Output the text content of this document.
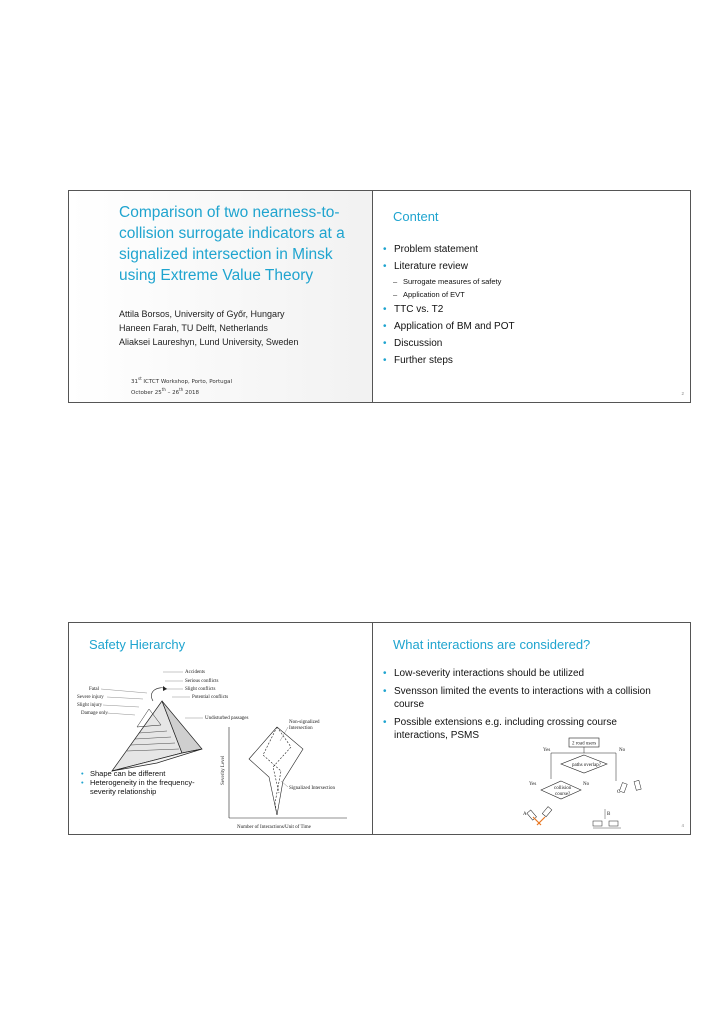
Comparison of two nearness-to-collision surrogate indicators at a signalized intersection in Minsk using Extreme Value Theory
Attila Borsos, University of Győr, Hungary
Haneen Farah, TU Delft, Netherlands
Aliaksei Laureshyn, Lund University, Sweden
31st ICTCT Workshop, Porto, Portugal
October 25th – 26th 2018
Content
• Problem statement
• Literature review
– Surrogate measures of safety
– Application of EVT
• TTC vs. T2
• Application of BM and POT
• Discussion
• Further steps
2
Safety Hierarchy
Accidents
Serious conflicts
Fatal	Slight conflicts
Severe injury	Potential conflicts
Slight injury
Damage only
Undisturbed passages
Severity Level
Number of Interactions/Unit of Time
Non-signalized
Intersection
Signalized Intersection
• Shape can be different
• Heterogeneity in the frequency-severity relationship
What interactions are considered?
• Low-severity interactions should be utilized
• Svensson limited the events to interactions with a collision course
• Possible extensions e.g. including crossing course interactions, PSMS
2 road users
Yes	No
paths overlap?
Yes	No
collision
course?	C
A	B
4
